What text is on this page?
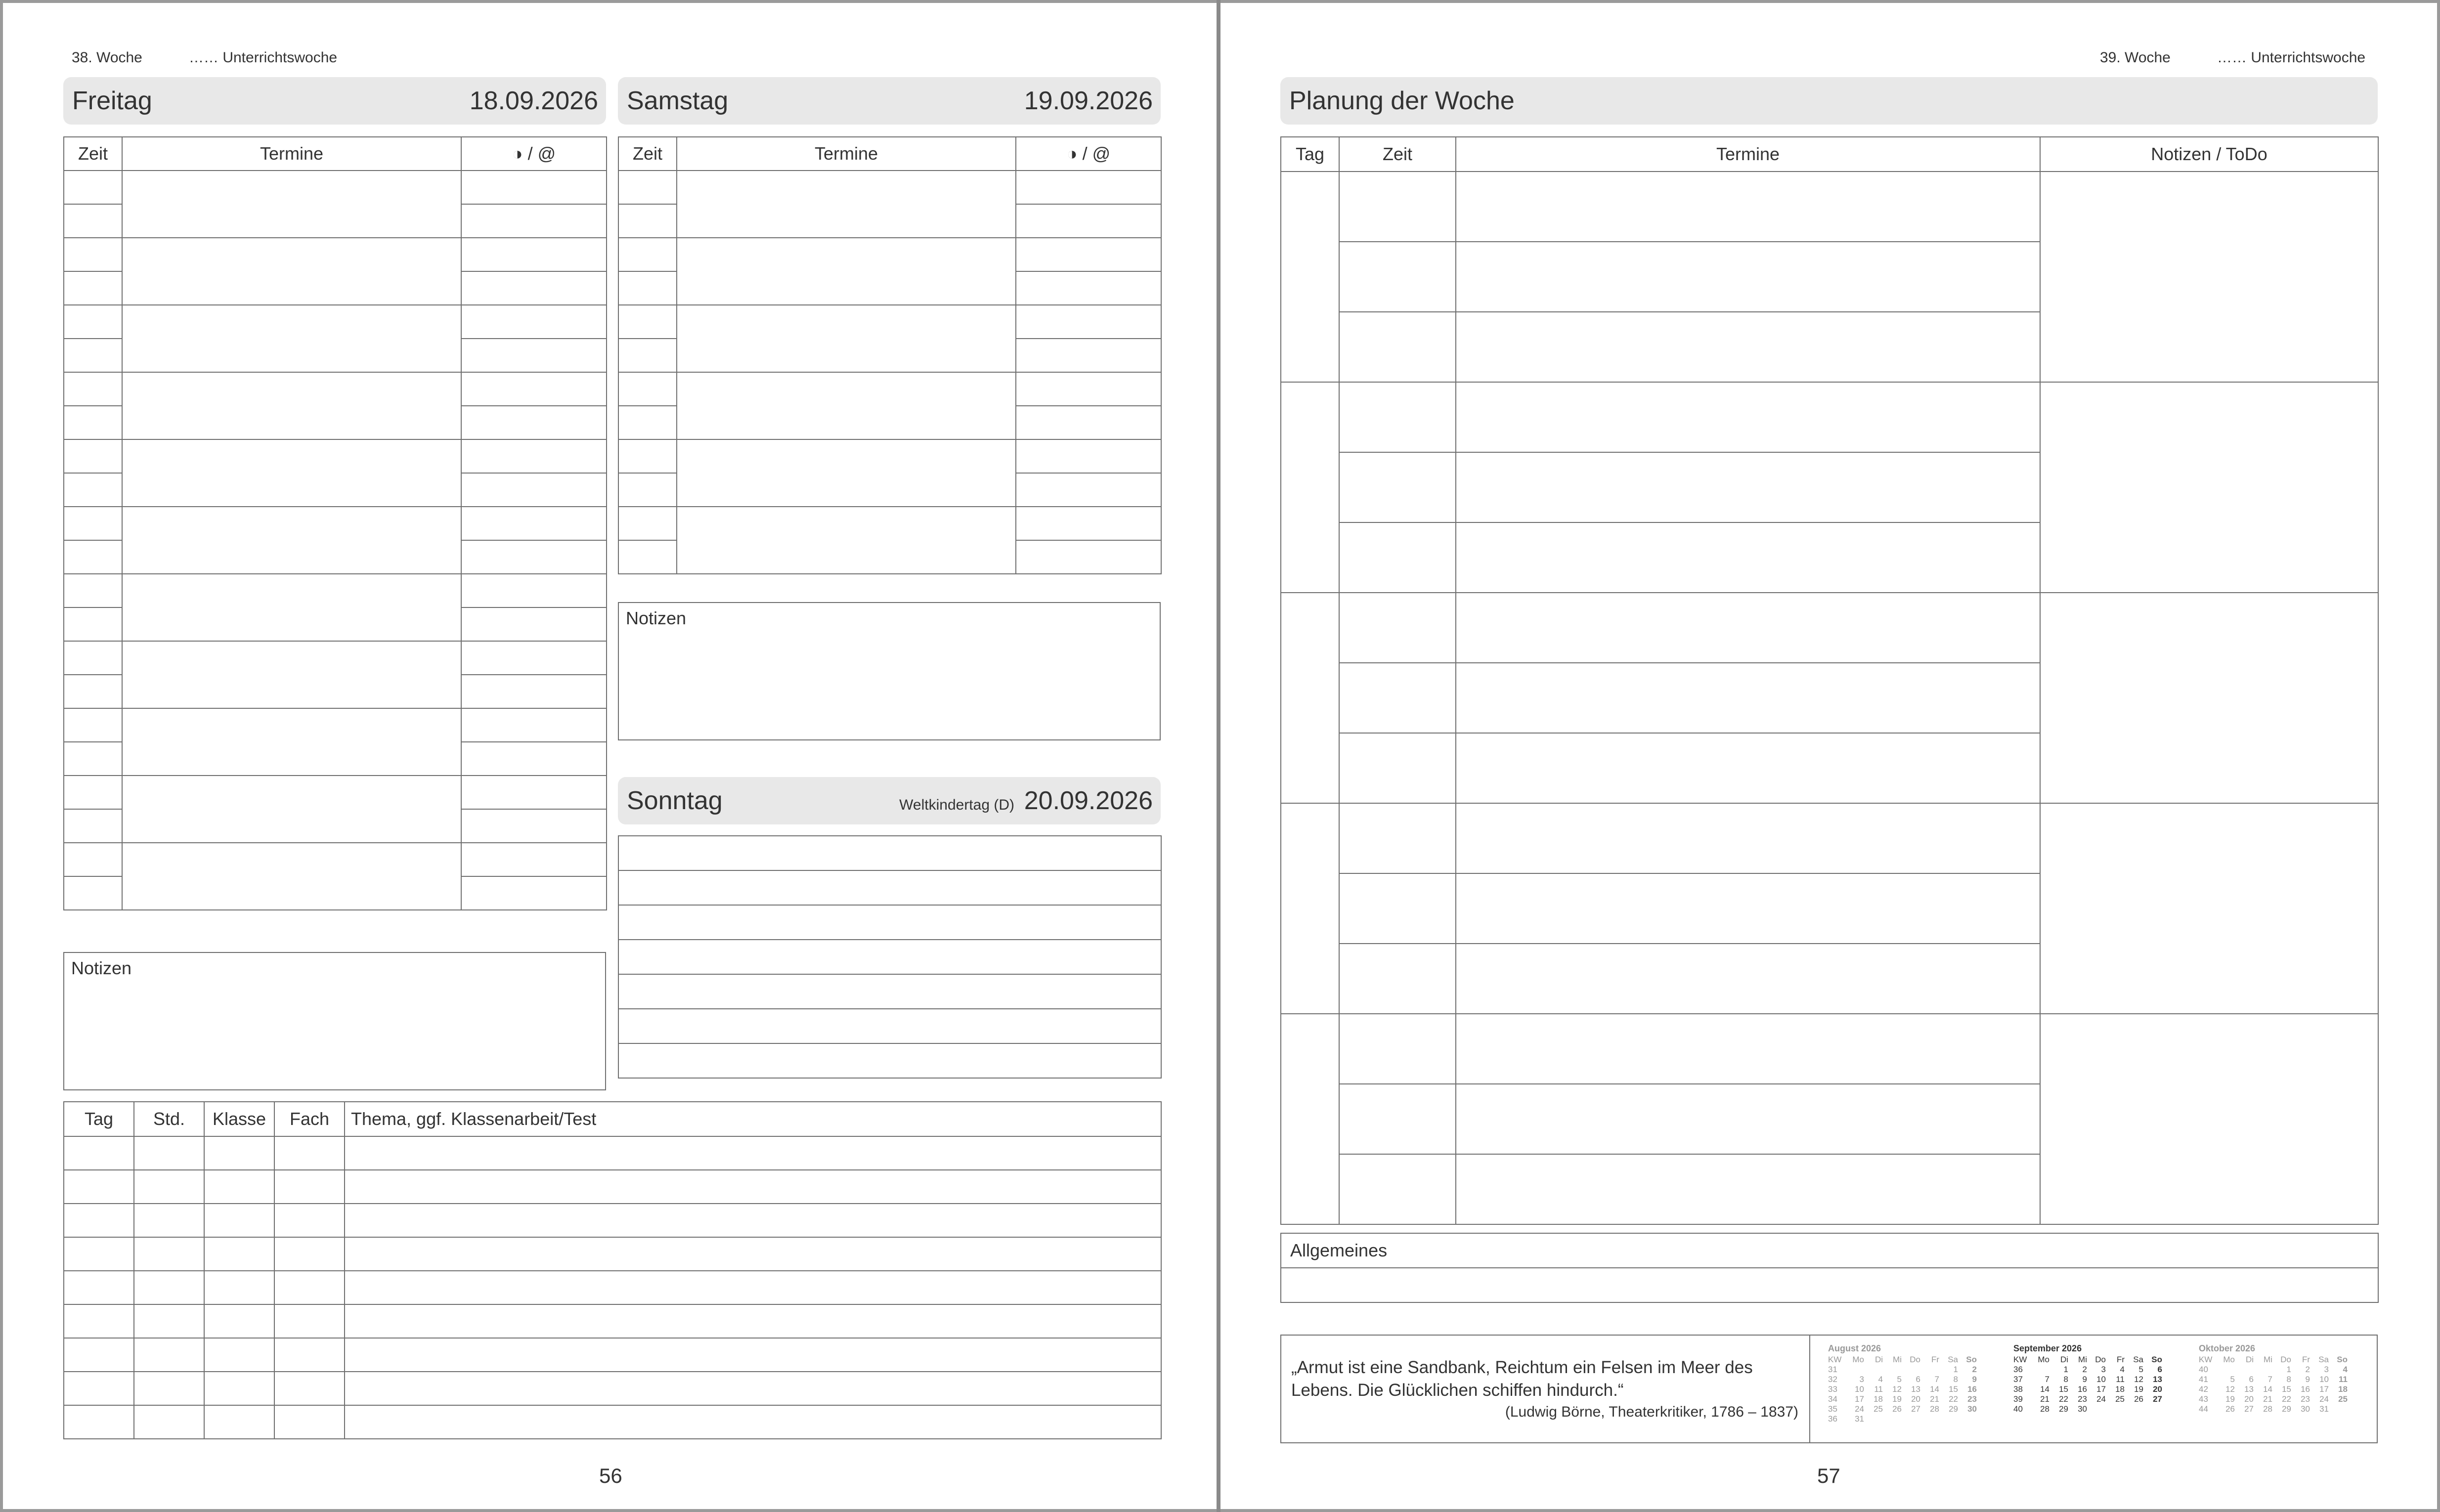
38. Woche	…… Unterrichtswoche
Freitag	18.09.2026 Samstag	19.09.2026
Zeit	Termine	◑ / @

		Zeit	Termine	◑ / @

Notizen
Sonntag	Weltkindertag (D) 20.09.2026

Notizen
Tag	Std.	Klasse	Fach	Thema, ggf. Klassenarbeit/Test

56
39. Woche	…… Unterrichtswoche
Planung der Woche
Tag	Zeit	Termine	Notizen / ToDo

Allgemeines

„Armut ist eine Sandbank, Reichtum ein Felsen im Meer des Lebens. Die Glücklichen schiffen hindurch.“
(Ludwig Börne, Theaterkritiker, 1786 – 1837)
August 2026
KW	Mo	Di	Mi	Do	Fr	Sa	So
31						1	2
32	3	4	5	6	7	8	9
33	10	11	12	13	14	15	16
34	17	18	19	20	21	22	23
35	24	25	26	27	28	29	30
36	31						
September 2026
KW	Mo	Di	Mi	Do	Fr	Sa	So
36		1	2	3	4	5	6
37	7	8	9	10	11	12	13
38	14	15	16	17	18	19	20
39	21	22	23	24	25	26	27
40	28	29	30				
Oktober 2026
KW	Mo	Di	Mi	Do	Fr	Sa	So
40				1	2	3	4
41	5	6	7	8	9	10	11
42	12	13	14	15	16	17	18
43	19	20	21	22	23	24	25
44	26	27	28	29	30	31	
57
